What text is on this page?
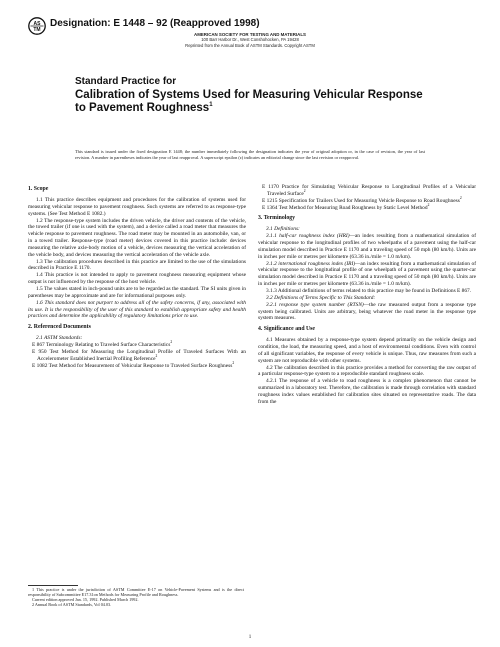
AS
TM
Designation: E 1448 – 92 (Reapproved 1998)
AMERICAN SOCIETY FOR TESTING AND MATERIALS
100 Barr Harbor Dr., West Conshohocken, PA 19428
Reprinted from the Annual Book of ASTM Standards. Copyright ASTM
Standard Practice for
Calibration of Systems Used for Measuring Vehicular Response to Pavement Roughness$^1$
This standard is issued under the fixed designation E 1448; the number immediately following the designation indicates the year of original adoption or, in the case of revision, the year of last revision. A number in parentheses indicates the year of last reapproval. A superscript epsilon (ε) indicates an editorial change since the last revision or reapproval.
1. Scope

1.1 This practice describes equipment and procedures for the calibration of systems used for measuring vehicular response to pavement roughness. Such systems are referred to as response-type systems. (See Test Method E 1082.)

1.2 The response-type system includes the driven vehicle, the driver and contents of the vehicle, the towed trailer (if one is used with the system), and a device called a road meter that measures the vehicle response to pavement roughness. The road meter may be mounted in an automobile, van, or in a towed trailer. Response-type (road meter) devices covered in this practice include: devices measuring the relative axle-body motion of a vehicle, devices measuring the vertical acceleration of the vehicle body, and devices measuring the vertical acceleration of the vehicle axle.

1.3 The calibration procedures described in this practice are limited to the use of the simulations described in Practice E 1170.

1.4 This practice is not intended to apply to pavement roughness measuring equipment whose output is not influenced by the response of the host vehicle.

1.5 The values stated in inch-pound units are to be regarded as the standard. The SI units given in parentheses may be approximate and are for informational purposes only.

1.6 This standard does not purport to address all of the safety concerns, if any, associated with its use. It is the responsibility of the user of this standard to establish appropriate safety and health practices and determine the applicability of regulatory limitations prior to use.

2. Referenced Documents

2.1 ASTM Standards:

E 867 Terminology Relating to Traveled Surface Characteristics$^2$

E 950 Test Method for Measuring the Longitudinal Profile of Traveled Surfaces With an Accelerometer Established Inertial Profiling Reference$^2$

E 1082 Test Method for Measurement of Vehicular Response to Traveled Surface Roughness$^2$

1 This practice is under the jurisdiction of ASTM Committee E-17 on Vehicle-Pavement Systems and is the direct responsibility of Subcommittee E17.31on Methods for Measuring Profile and Roughness.

Current edition approved Jan. 15, 1992. Published March 1992.

2 Annual Book of ASTM Standards, Vol 04.03.

E 1170 Practice for Simulating Vehicular Response to Longitudinal Profiles of a Vehicular Traveled Surface$^2$

E 1215 Specification for Trailers Used for Measuring Vehicle Response to Road Roughness$^2$

E 1364 Test Method for Measuring Road Roughness by Static Level Method$^2$

3. Terminology

3.1 Definitions:

3.1.1 half-car roughness index (HRI)—an index resulting from a mathematical simulation of vehicular response to the longitudinal profiles of two wheelpaths of a pavement using the half-car simulation model described in Practice E 1170 and a traveling speed of 50 mph (80 km/h). Units are in inches per mile or metres per kilometre (63.36 in./mile = 1.0 m/km).

3.1.2 international roughness index (IRI)—an index resulting from a mathematical simulation of vehicular response to the longitudinal profile of one wheelpath of a pavement using the quarter-car simulation model described in Practice E 1170 and a traveling speed of 50 mph (80 km/h). Units are in inches per mile or metres per kilometre (63.36 in./mile = 1.0 m/km).

3.1.3 Additional definitions of terms related to this practice may be found in Definitions E 867.

3.2 Definitions of Terms Specific to This Standard:

3.2.1 response type system number (RTSN)—the raw measured output from a response type system being calibrated. Units are arbitrary, being whatever the road meter in the response type system measures.

4. Significance and Use

4.1 Measures obtained by a response-type system depend primarily on the vehicle design and condition, the load, the measuring speed, and a host of environmental conditions. Even with control of all significant variables, the response of every vehicle is unique. Thus, raw measures from such a system are not reproducible with other systems.

4.2 The calibration described in this practice provides a method for converting the raw output of a particular response-type system to a reproducible standard roughness scale.

4.2.1 The response of a vehicle to road roughness is a complex phenomenon that cannot be summarized in a laboratory test. Therefore, the calibration is made through correlation with standard roughness index values established for calibration sites situated on representative roads. The data from the

1
